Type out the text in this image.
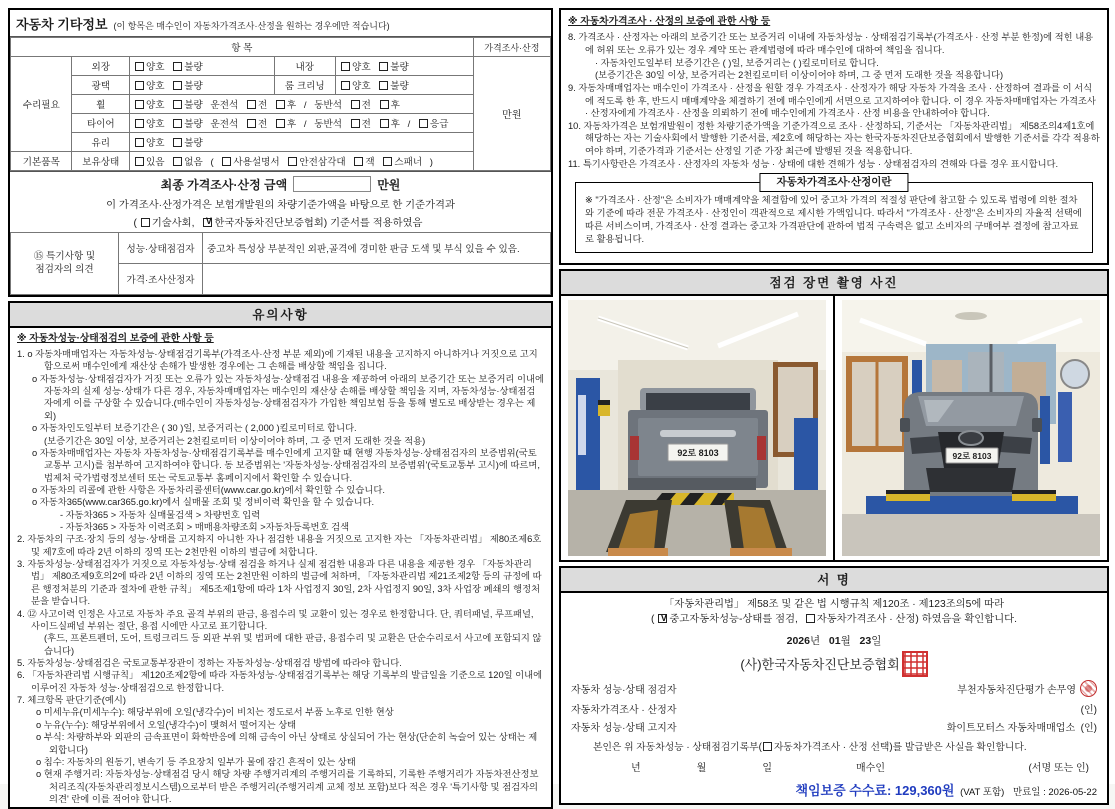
자동차 기타정보 (이 항목은 매수인이 자동차가격조사·산정을 원하는 경우에만 적습니다)
항 목					가격조사·산정
수리필요	외장	양호 불량	내장	양호 불량	만원
	광택	양호 불량	룸 크리닝	양호 불량	
	휠	양호 불량 운전석 전 후 / 동반석 전 후			
	타이어	양호 불량 운전석 전 후 / 동반석 전 후 / 응급			
	유리	양호 불량			
기본품목	보유상태	있음 없음 ( 사용설명서 안전삼각대 잭 스패너 )			
최종 가격조사·산정 금액	만원
이 가격조사·산정가격은 보험개발원의 차량기준가액을 바탕으로 한 기준가격과
( 기술사회, V 한국자동차진단보증협회) 기준서를 적용하였음
⑮ 특기사항 및
점검자의 의견	성능·상태점검자	중고차 특성상 부분적인 외판,골격에 경미한 판금 도색 및 부식 있을 수 있음.
	가격·조사산정자	
유의사항
※ 자동차성능·상태점검의 보증에 관한 사항 등
1. o 자동차매매업자는 자동차성능·상태점검기록부(가격조사·산정 부분 제외)에 기재된 내용을 고지하지 아니하거나 거짓으로 고지함으로써 매수인에게 재산상 손해가 발생한 경우에는 그 손해를 배상할 책임을 집니다.
o 자동차성능·상태점검자가 거짓 또는 오류가 있는 자동차성능·상태점검 내용을 제공하여 아래의 보증기간 또는 보증거리 이내에 자동차의 실제 성능·상태가 다른 경우, 자동차매매업자는 매수인의 재산상 손해를 배상할 책임을 지며, 자동차성능·상태점검자에게 이를 구상할 수 있습니다.(매수인이 자동차성능·상태점검자가 가입한 책임보험 등을 통해 별도로 배상받는 경우는 제외)
o 자동차인도일부터 보증기간은 ( 30 )일, 보증거리는 ( 2,000 )킬로미터로 합니다.
(보증기간은 30일 이상, 보증거리는 2천킬로미터 이상이어야 하며, 그 중 먼저 도래한 것을 적용)
o 자동차매매업자는 자동차 자동차성능·상태점검기록부를 매수인에게 고지할 때 현행 자동차성능·상태점검자의 보증범위(국토교통부 고시)를 첨부하여 고지하여야 합니다. 동 보증범위는 '자동차성능·상태점검자의 보증범위'(국토교통부 고시)에 따르며, 법제처 국가법령정보센터 또는 국토교통부 홈페이지에서 확인할 수 있습니다.
o 자동차의 리콜에 관한 사항은 자동차리콜센터(www.car.go.kr)에서 확인할 수 있습니다.
o 자동차365(www.car365.go.kr)에서 실매물 조회 및 정비이력 확인을 할 수 있습니다.
- 자동차365 > 자동차 실매물검색 > 차량번호 입력
- 자동차365 > 자동차 이력조회 > 매매용차량조회 >자동차등록번호 검색
2. 자동차의 구조·장치 등의 성능·상태를 고지하지 아니한 자나 점검한 내용을 거짓으로 고지한 자는 「자동차관리법」 제80조제6호 및 제7호에 따라 2년 이하의 징역 또는 2천만원 이하의 벌금에 처합니다.
3. 자동차성능·상태점검자가 거짓으로 자동차성능·상태 점검을 하거나 실제 점검한 내용과 다른 내용을 제공한 경우 「자동차관리법」 제80조제9호의2에 따라 2년 이하의 징역 또는 2천만원 이하의 벌금에 처하며, 「자동차관리법 제21조제2항 등의 규정에 따른 행정처분의 기준과 절차에 관한 규칙」 제5조제1항에 따라 1차 사업정지 30일, 2차 사업정지 90일, 3차 사업장 폐쇄의 행정처분을 받습니다.
4. ⑫ 사고이력 인정은 사고로 자동차 주요 골격 부위의 판금, 용접수리 및 교환이 있는 경우로 한정합니다. 단, 쿼터패널, 루프패널, 사이드실패널 부위는 절단, 용접 시에만 사고로 표기합니다.
(후드, 프론트펜더, 도어, 트렁크리드 등 외판 부위 및 범퍼에 대한 판금, 용접수리 및 교환은 단순수리로서 사고에 포함되지 않습니다)
5. 자동차성능·상태점검은 국토교통부장관이 정하는 자동차성능·상태점검 방법에 따라야 합니다.
6. 「자동차관리법 시행규칙」 제120조제2항에 따라 자동차성능·상태점검기록부는 해당 기록부의 발급일을 기준으로 120일 이내에 이루어진 자동차 성능·상태점검으로 한정합니다.
7. 체크항목 판단기준(예시)
o 미세누유(미세누수): 해당부위에 오일(냉각수)이 비치는 정도로서 부품 노후로 인한 현상
o 누유(누수): 해당부위에서 오일(냉각수)이 맺혀서 떨어지는 상태
o 부식: 차량하부와 외판의 금속표면이 화학반응에 의해 금속이 아닌 상태로 상실되어 가는 현상(단순히 녹슬어 있는 상태는 제외합니다)
o 침수: 자동차의 원동기, 변속기 등 주요장치 일부가 물에 잠긴 흔적이 있는 상태
o 현재 주행거리: 자동차성능·상태점검 당시 해당 차량 주행거리계의 주행거리를 기록하되, 기록한 주행거리가 자동차전산정보처리조직(자동차관리정보시스템)으로부터 받은 주행거리(주행거리계 교체 정보 포함)보다 적은 경우 '특기사항 및 점검자의 의견' 란에 이를 적어야 합니다.
※ 자동차가격조사 · 산정의 보증에 관한 사항 등
8. 가격조사 · 산정자는 아래의 보증기간 또는 보증거리 이내에 자동차성능 · 상태점검기록부(가격조사 · 산정 부분 한정)에 적힌 내용에 허위 또는 오류가 있는 경우 계약 또는 관계법령에 따라 매수인에 대하여 책임을 집니다.
· 자동차인도일부터 보증기간은 ( )일, 보증거리는 ( )킬로미터로 합니다.
(보증기간은 30일 이상, 보증거리는 2천킬로미터 이상이어야 하며, 그 중 먼저 도래한 것을 적용합니다)
9. 자동차매매업자는 매수인이 가격조사 · 산정을 원할 경우 가격조사 · 산정자가 해당 자동차 가격을 조사 · 산정하여 결과를 이 서식에 적도록 한 후, 반드시 매매계약을 체결하기 전에 매수인에게 서면으로 고지하여야 합니다. 이 경우 자동차매매업자는 가격조사 · 산정자에게 가격조사 · 산정을 의뢰하기 전에 매수인에게 가격조사 · 산정 비용을 안내하여야 합니다.
10. 자동차가격은 보험개발원이 정한 차량기준가액을 기준가격으로 조사 · 산정하되, 기준서는 「자동차관리법」 제58조의4제1호에 해당하는 자는 기술사회에서 발행한 기준서를, 제2호에 해당하는 자는 한국자동차진단보증협회에서 발행한 기준서를 각각 적용하여야 하며, 기준가격과 기준서는 산정일 기준 가장 최근에 발행된 것을 적용합니다.
11. 특기사항란은 가격조사 · 산정자의 자동차 성능 · 상태에 대한 견해가 성능 · 상태점검자의 견해와 다를 경우 표시합니다.
자동차가격조사·산정이란
※ "가격조사 · 산정"은 소비자가 매매계약을 체결함에 있어 중고차 가격의 적절성 판단에 참고할 수 있도록 법령에 의한 절차와 기준에 따라 전문 가격조사 · 산정인이 객관적으로 제시한 가액입니다. 따라서 "가격조사 · 산정"은 소비자의 자율적 선택에 따른 서비스이며, 가격조사 · 산정 결과는 중고차 가격판단에 관하여 법적 구속력은 없고 소비자의 구매여부 결정에 참고자료로 활용됩니다.
점검 장면 촬영 사진
92로 8103	92로 8103
서 명
「자동차관리법」 제58조 및 같은 법 시행규칙 제120조 · 제123조의5에 따라
( V 중고자동차성능-상태를 점검, 자동차가격조사 · 산정) 하였음을 확인합니다.
2026년 01월 23일
(사)한국자동차진단보증협회
자동차 성능·상태 점검자	부천자동차진단평가 손무영
자동차가격조사 · 산정자	(인)
자동차 성능·상태 고지자	화이트모터스 자동차매매업소 (인)
본인은 위 자동차성능 · 상태점검기록부( 자동차가격조사 · 산정 선택)를 발급받은 사실을 확인합니다.
년	월	일	매수인	(서명 또는 인)
책임보증 수수료: 129,360원 (VAT 포함) 만료일 : 2026-05-22
